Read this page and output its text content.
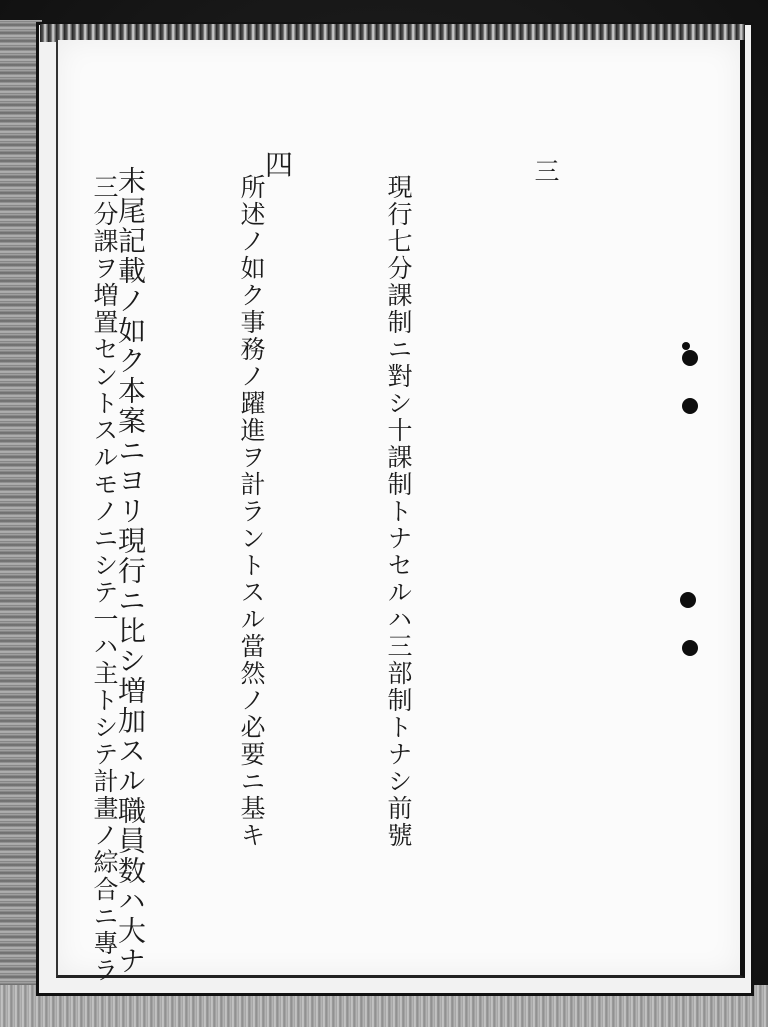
三

現行七分課制ニ對シ十課制トナセルハ三部制トナシ前號

所述ノ如ク事務ノ躍進ヲ計ラントスル當然ノ必要ニ基キ

三分課ヲ増置セントスルモノニシテ一ハ主トシテ計畫ノ綜合ニ專ラ

四

末尾記載ノ如ク本案ニヨリ現行ニ比シ増加スル職員数ハ大ナ
